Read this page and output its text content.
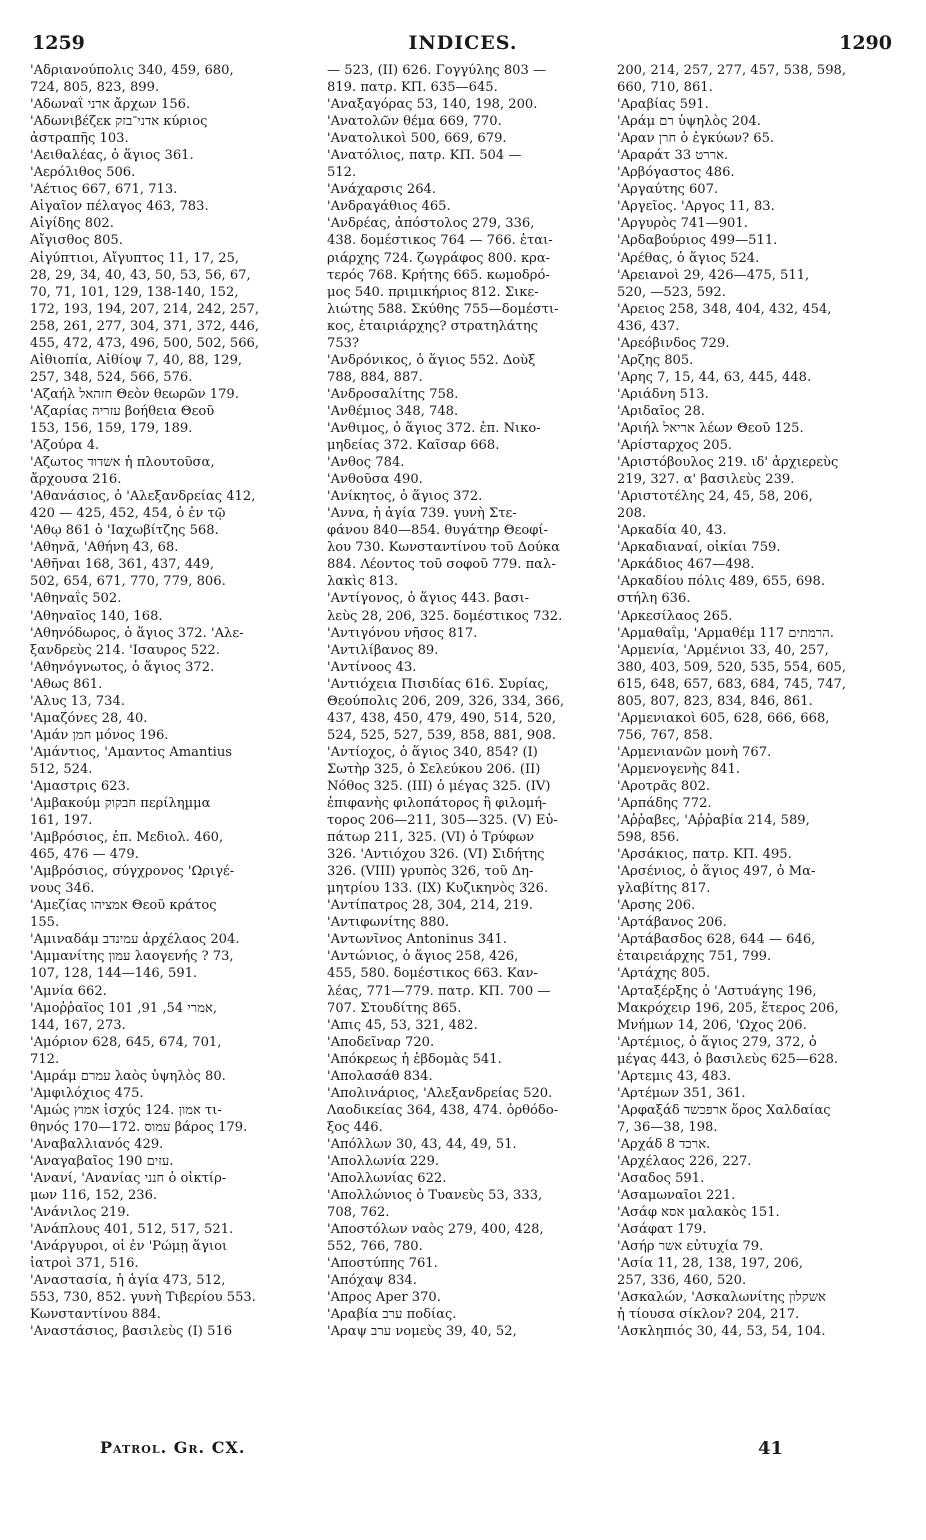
1259	INDICES.	1290
'Αδριανούπολις 340, 459, 680,
724, 805, 823, 899.
'Αδωναΐ אדני ἄρχων 156.
'Αδωνιβέζεκ אדני־בזק κύριος
ἀστραπῆς 103.
'Αειθαλέας, ὁ ἅγιος 361.
'Αερόλιθος 506.
'Αέτιος 667, 671, 713.
Αἰγαῖον πέλαγος 463, 783.
Αἰγίδης 802.
Αἴγισθος 805.
Αἰγύπτιοι, Αἴγυπτος 11, 17, 25,
28, 29, 34, 40, 43, 50, 53, 56, 67,
70, 71, 101, 129, 138-140, 152,
172, 193, 194, 207, 214, 242, 257,
258, 261, 277, 304, 371, 372, 446,
455, 472, 473, 496, 500, 502, 566,
Αἰθιοπία, Αἰθίοψ 7, 40, 88, 129,
257, 348, 524, 566, 576.
'Αζαήλ חזהאל Θεὸν θεωρῶν 179.
'Αζαρίας עזריה βοήθεια Θεοῦ
153, 156, 159, 179, 189.
'Αζούρα 4.
'Αζωτος אשדוד ἡ πλουτοῦσα,
ἄρχουσα 216.
'Αθανάσιος, ὁ 'Αλεξανδρείας 412,
420 — 425, 452, 454, ὁ ἐν τῷ
'Αθῳ 861 ὁ 'Ιαχωβίτζης 568.
'Αθηνᾶ, 'Αθήνη 43, 68.
'Αθῆναι 168, 361, 437, 449,
502, 654, 671, 770, 779, 806.
'Αθηναΐς 502.
'Αθηναῖος 140, 168.
'Αθηνόδωρος, ὁ ἅγιος 372. 'Αλε-
ξανδρεὺς 214. 'Ισαυρος 522.
'Αθηνόγνωτος, ὁ ἅγιος 372.
'Αθως 861.
'Αλυς 13, 734.
'Αμαζόνες 28, 40.
'Αμάν חמן μόνος 196.
'Αμάντιος, 'Αμαντος Amantius
512, 524.
'Αμαστρις 623.
'Αμβακούμ חבקוק περίληµμα
161, 197.
'Αμβρόσιος, ἐπ. Μεδιολ. 460,
465, 476 — 479.
'Αμβρόσιος, σύγχρονος 'Ωριγέ-
νους 346.
'Αμεζίας אמציהו Θεοῦ κράτος
155.
'Αμιναδάμ עמינדב ἀρχέλαος 204.
'Αμμανίτης עמון λαογενής ? 73,
107, 128, 144—146, 591.
'Αμνία 662.
'Αμοῤῥαῖος אמרי 54, 91, 101,
144, 167, 273.
'Αμόριον 628, 645, 674, 701,
712.
'Αμράμ עמרם λαὸς ὑψηλὸς 80.
'Αμφιλόχιος 475.
'Αμώς אמוץ ἰσχύς 124. אמון τι-
θηνός 170—172. עמוס βάρος 179.
'Αναβαλλιανός 429.
'Αναγαβαῖος עזים 190.
'Ανανί, 'Ανανίας חנני ὁ οἰκτίρ-
μων 116, 152, 236.
'Ανάνιλος 219.
'Ανάπλους 401, 512, 517, 521.
'Ανάργυροι, οἱ ἐν 'Ρώμῃ ἅγιοι
ἰατροὶ 371, 516.
'Αναστασία, ἡ ἁγία 473, 512,
553, 730, 852. γυνὴ Τιβερίου 553.
Κωνσταντίνου 884.
'Αναστάσιος, βασιλεὺς (I) 516
— 523, (II) 626. Γογγύλης 803 —
819. πατρ. ΚΠ. 635—645.
'Αναξαγόρας 53, 140, 198, 200.
'Ανατολῶν θέμα 669, 770.
'Ανατολικοὶ 500, 669, 679.
'Ανατόλιος, πατρ. ΚΠ. 504 —
512.
'Ανάχαρσις 264.
'Ανδραγάθιος 465.
'Ανδρέας, ἀπόστολος 279, 336,
438. δομέστικος 764 — 766. ἑται-
ριάρχης 724. ζωγράφος 800. κρα-
τερός 768. Κρήτης 665. κωμοδρό-
μος 540. πριμικήριος 812. Σικε-
λιώτης 588. Σκύθης 755—δομέστι-
κος, ἑταιριάρχης? στρατηλάτης
753?
'Ανδρόνικος, ὁ ἅγιος 552. Δοὺξ
788, 884, 887.
'Ανδροσαλίτης 758.
'Ανθέμιος 348, 748.
'Ανθιμος, ὁ ἅγιος 372. ἐπ. Νικο-
μηδείας 372. Καῖσαρ 668.
'Ανθος 784.
'Ανθοῦσα 490.
'Ανίκητος, ὁ ἅγιος 372.
'Αννα, ἡ ἁγία 739. γυνὴ Στε-
φάνου 840—854. θυγάτηρ Θεοφί-
λου 730. Κωνσταντίνου τοῦ Δούκα
884. Λέοντος τοῦ σοφοῦ 779. παλ-
λακὶς 813.
'Αντίγονος, ὁ ἅγιος 443. βασι-
λεὺς 28, 206, 325. δομέστικος 732.
'Αντιγόνου νῆσος 817.
'Αντιλίβανος 89.
'Αντίνοος 43.
'Αντιόχεια Πισιδίας 616. Συρίας,
Θεούπολις 206, 209, 326, 334, 366,
437, 438, 450, 479, 490, 514, 520,
524, 525, 527, 539, 858, 881, 908.
'Αντίοχος, ὁ ἅγιος 340, 854? (I)
Σωτὴρ 325, ὁ Σελεύκου 206. (II)
Νόθος 325. (III) ὁ μέγας 325. (IV)
ἐπιφανὴς φιλοπάτορος ἢ φιλομή-
τορος 206—211, 305—325. (V) Εὐ-
πάτωρ 211, 325. (VI) ὁ Τρύφων
326. 'Αντιόχου 326. (VI) Σιδήτης
326. (VIII) γρυπὸς 326, τοῦ Δη-
μητρίου 133. (IX) Κυζικηνὸς 326.
'Αντίπατρος 28, 304, 214, 219.
'Αντιφωνίτης 880.
'Αντωνῖνος Antoninus 341.
'Αντώνιος, ὁ ἅγιος 258, 426,
455, 580. δομέστικος 663. Καν-
λέας, 771—779. πατρ. ΚΠ. 700 —
707. Στουδίτης 865.
'Απις 45, 53, 321, 482.
'Αποδεῖναρ 720.
'Απόκρεως ἡ ἑβδομὰς 541.
'Απολασάθ 834.
'Απολινάριος, 'Αλεξανδρείας 520.
Λαοδικείας 364, 438, 474. ὀρθόδο-
ξος 446.
'Απόλλων 30, 43, 44, 49, 51.
'Απολλωνία 229.
'Απολλωνίας 622.
'Απολλώνιος ὁ Τυανεὺς 53, 333,
708, 762.
'Αποστόλων ναὸς 279, 400, 428,
552, 766, 780.
'Αποστύπης 761.
'Απόχαψ 834.
'Απρος Aper 370.
'Αραβία ערב ποδίας.
'Αραψ ערב νομεὺς 39, 40, 52,
200, 214, 257, 277, 457, 538, 598,
660, 710, 861.
'Αραβίας 591.
'Αράμ רם ὑψηλὸς 204.
'Αραν חרן ὁ ἐγκύων? 65.
'Αραράτ אררט 33.
'Αρβόγαστος 486.
'Αργαύτης 607.
'Αργεῖος. 'Αργος 11, 83.
'Αργυρὸς 741—901.
'Αρδαβούριος 499—511.
'Αρέθας, ὁ ἅγιος 524.
'Αρειανοὶ 29, 426—475, 511,
520, —523, 592.
'Αρειος 258, 348, 404, 432, 454,
436, 437.
'Αρεόβινδος 729.
'Αρζης 805.
'Αρης 7, 15, 44, 63, 445, 448.
'Αριάδνη 513.
'Αριδαῖος 28.
'Αριήλ אריאל λέων Θεοῦ 125.
'Αρίσταρχος 205.
'Αριστόβουλος 219. ιδ' ἀρχιερεὺς
219, 327. α' βασιλεὺς 239.
'Αριστοτέλης 24, 45, 58, 206,
208.
'Αρκαδία 40, 43.
'Αρκαδιαναί, οἰκίαι 759.
'Αρκάδιος 467—498.
'Αρκαδίου πόλις 489, 655, 698.
στήλη 636.
'Αρκεσίλαος 265.
'Αρμαθαΐμ, 'Αρμαθέμ הרמתים 117.
'Αρμενία, 'Αρμένιοι 33, 40, 257,
380, 403, 509, 520, 535, 554, 605,
615, 648, 657, 683, 684, 745, 747,
805, 807, 823, 834, 846, 861.
'Αρμενιακοὶ 605, 628, 666, 668,
756, 767, 858.
'Αρμενιανῶν μονὴ 767.
'Αρμενογενὴς 841.
'Αροτρᾶς 802.
'Αρπάδης 772.
'Αῤῥαβες, 'Αῤῥαβία 214, 589,
598, 856.
'Αρσάκιος, πατρ. ΚΠ. 495.
'Αρσένιος, ὁ ἅγιος 497, ὁ Μα-
γλαβίτης 817.
'Αρσης 206.
'Αρτάβανος 206.
'Αρτάβασδος 628, 644 — 646,
ἑταιρειάρχης 751, 799.
'Αρτάχης 805.
'Αρταξέρξης ὁ 'Αστυάγης 196,
Μακρόχειρ 196, 205, ἕτερος 206,
Μνήμων 14, 206, 'Ωχος 206.
'Αρτέμιος, ὁ ἅγιος 279, 372, ὁ
μέγας 443, ὁ βασιλεὺς 625—628.
'Αρτεμις 43, 483.
'Αρτέμων 351, 361.
'Αρφαξάδ ארפכשד ὅρος Χαλδαίας
7, 36—38, 198.
'Αρχάδ ארכד 8.
'Αρχέλαος 226, 227.
'Ασαδος 591.
'Ασαμωναῖοι 221.
'Ασάφ אסא μαλακὸς 151.
'Ασάφατ 179.
'Ασήρ אשר εὐτυχία 79.
'Ασία 11, 28, 138, 197, 206,
257, 336, 460, 520.
'Ασκαλών, 'Ασκαλωνίτης אשקלון
ἡ τίουσα σίκλον? 204, 217.
'Ασκληπιός 30, 44, 53, 54, 104.
Patrol. Gr. CX.	41
